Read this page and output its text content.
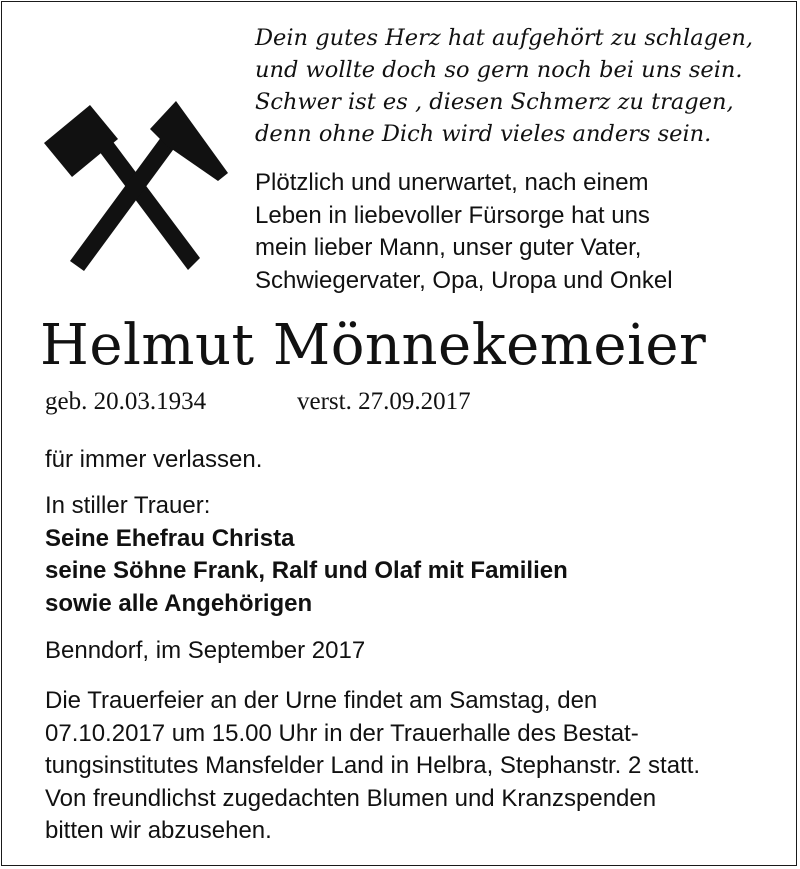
Dein gutes Herz hat aufgehört zu schlagen,
und wollte doch so gern noch bei uns sein.
Schwer ist es , diesen Schmerz zu tragen,
denn ohne Dich wird vieles anders sein.
Plötzlich und unerwartet, nach einem
Leben in liebevoller Fürsorge hat uns
mein lieber Mann, unser guter Vater,
Schwiegervater, Opa, Uropa und Onkel
Helmut Mönnekemeier
geb. 20.03.1934	verst. 27.09.2017
für immer verlassen.
In stiller Trauer:
Seine Ehefrau Christa
seine Söhne Frank, Ralf und Olaf mit Familien
sowie alle Angehörigen
Benndorf, im September 2017
Die Trauerfeier an der Urne findet am Samstag, den
07.10.2017 um 15.00 Uhr in der Trauerhalle des Bestat-
tungsinstitutes Mansfelder Land in Helbra, Stephanstr. 2 statt.
Von freundlichst zugedachten Blumen und Kranzspenden
bitten wir abzusehen.
